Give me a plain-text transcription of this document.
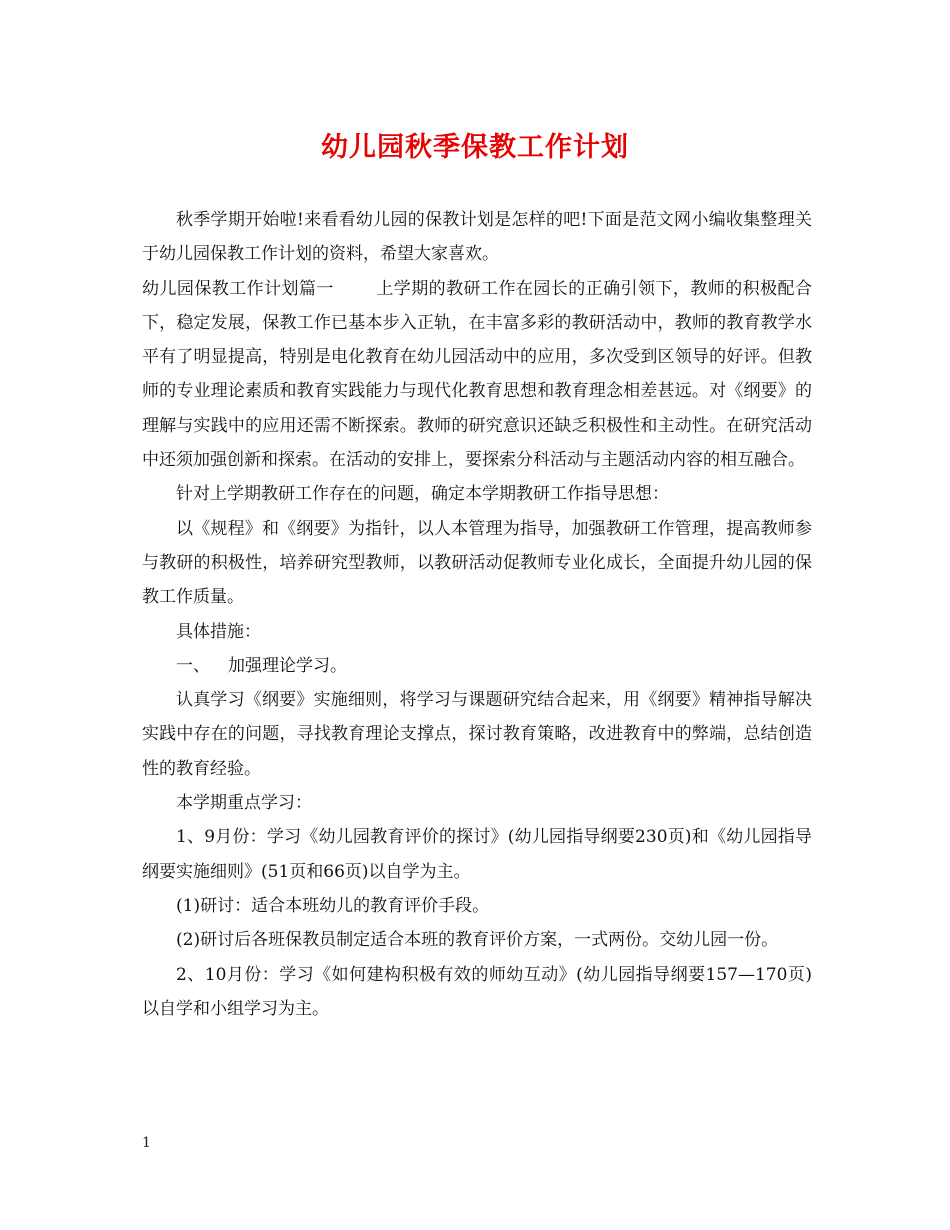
幼儿园秋季保教工作计划

秋季学期开始啦!来看看幼儿园的保教计划是怎样的吧!下面是范文网小编收集整理关于幼儿园保教工作计划的资料，希望大家喜欢。

幼儿园保教工作计划篇一 上学期的教研工作在园长的正确引领下，教师的积极配合下，稳定发展，保教工作已基本步入正轨，在丰富多彩的教研活动中，教师的教育教学水平有了明显提高，特别是电化教育在幼儿园活动中的应用，多次受到区领导的好评。但教师的专业理论素质和教育实践能力与现代化教育思想和教育理念相差甚远。对《纲要》的理解与实践中的应用还需不断探索。教师的研究意识还缺乏积极性和主动性。在研究活动中还须加强创新和探索。在活动的安排上，要探索分科活动与主题活动内容的相互融合。

针对上学期教研工作存在的问题，确定本学期教研工作指导思想：

以《规程》和《纲要》为指针，以人本管理为指导，加强教研工作管理，提高教师参与教研的积极性，培养研究型教师，以教研活动促教师专业化成长，全面提升幼儿园的保教工作质量。

具体措施：

一、 加强理论学习。

认真学习《纲要》实施细则，将学习与课题研究结合起来，用《纲要》精神指导解决实践中存在的问题，寻找教育理论支撑点，探讨教育策略，改进教育中的弊端，总结创造性的教育经验。

本学期重点学习：

1、9月份：学习《幼儿园教育评价的探讨》(幼儿园指导纲要230页)和《幼儿园指导纲要实施细则》(51页和66页)以自学为主。

(1)研讨：适合本班幼儿的教育评价手段。

(2)研讨后各班保教员制定适合本班的教育评价方案，一式两份。交幼儿园一份。

2、10月份：学习《如何建构积极有效的师幼互动》(幼儿园指导纲要157—170页)以自学和小组学习为主。

1
